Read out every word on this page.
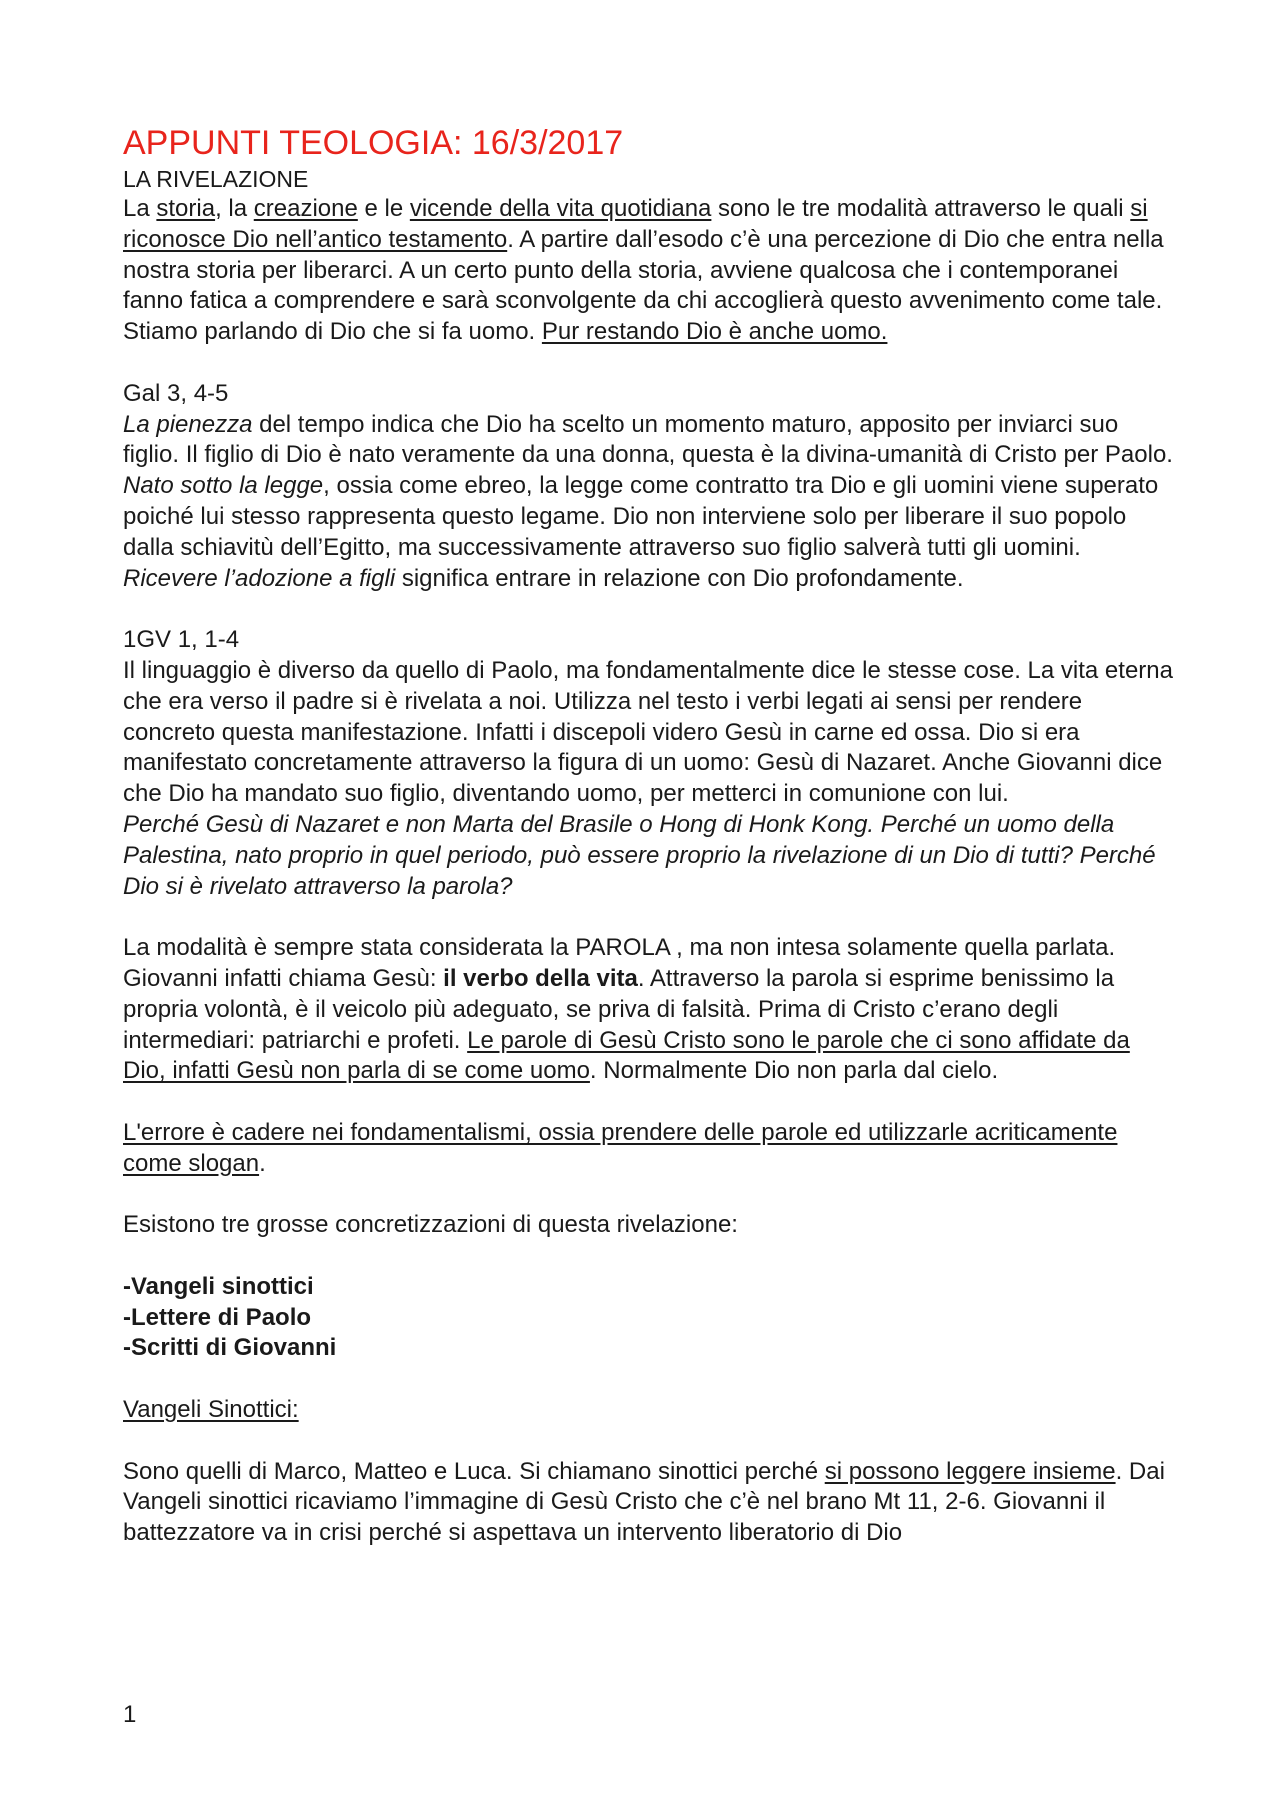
APPUNTI TEOLOGIA: 16/3/2017
LA RIVELAZIONE

La storia, la creazione e le vicende della vita quotidiana sono le tre modalità attraverso le quali si riconosce Dio nell’antico testamento. A partire dall’esodo c’è una percezione di Dio che entra nella nostra storia per liberarci. A un certo punto della storia, avviene qualcosa che i contemporanei fanno fatica a comprendere e sarà sconvolgente da chi accoglierà questo avvenimento come tale. Stiamo parlando di Dio che si fa uomo. Pur restando Dio è anche uomo.

Gal 3, 4-5

La pienezza del tempo indica che Dio ha scelto un momento maturo, apposito per inviarci suo figlio. Il figlio di Dio è nato veramente da una donna, questa è la divina-umanità di Cristo per Paolo. Nato sotto la legge, ossia come ebreo, la legge come contratto tra Dio e gli uomini viene superato poiché lui stesso rappresenta questo legame. Dio non interviene solo per liberare il suo popolo dalla schiavitù dell’Egitto, ma successivamente attraverso suo figlio salverà tutti gli uomini. Ricevere l’adozione a figli significa entrare in relazione con Dio profondamente.

1GV 1, 1-4

Il linguaggio è diverso da quello di Paolo, ma fondamentalmente dice le stesse cose. La vita eterna che era verso il padre si è rivelata a noi. Utilizza nel testo i verbi legati ai sensi per rendere concreto questa manifestazione. Infatti i discepoli videro Gesù in carne ed ossa. Dio si era manifestato concretamente attraverso la figura di un uomo: Gesù di Nazaret. Anche Giovanni dice che Dio ha mandato suo figlio, diventando uomo, per metterci in comunione con lui.

Perché Gesù di Nazaret e non Marta del Brasile o Hong di Honk Kong. Perché un uomo della Palestina, nato proprio in quel periodo, può essere proprio la rivelazione di un Dio di tutti? Perché Dio si è rivelato attraverso la parola?

La modalità è sempre stata considerata la PAROLA , ma non intesa solamente quella parlata. Giovanni infatti chiama Gesù: il verbo della vita. Attraverso la parola si esprime benissimo la propria volontà, è il veicolo più adeguato, se priva di falsità. Prima di Cristo c’erano degli intermediari: patriarchi e profeti. Le parole di Gesù Cristo sono le parole che ci sono affidate da Dio, infatti Gesù non parla di se come uomo. Normalmente Dio non parla dal cielo.

L'errore è cadere nei fondamentalismi, ossia prendere delle parole ed utilizzarle acriticamente come slogan.

Esistono tre grosse concretizzazioni di questa rivelazione:

-Vangeli sinottici
-Lettere di Paolo
-Scritti di Giovanni

Vangeli Sinottici:

Sono quelli di Marco, Matteo e Luca. Si chiamano sinottici perché si possono leggere insieme. Dai Vangeli sinottici ricaviamo l’immagine di Gesù Cristo che c’è nel brano Mt 11, 2-6. Giovanni il battezzatore va in crisi perché si aspettava un intervento liberatorio di Dio

1
